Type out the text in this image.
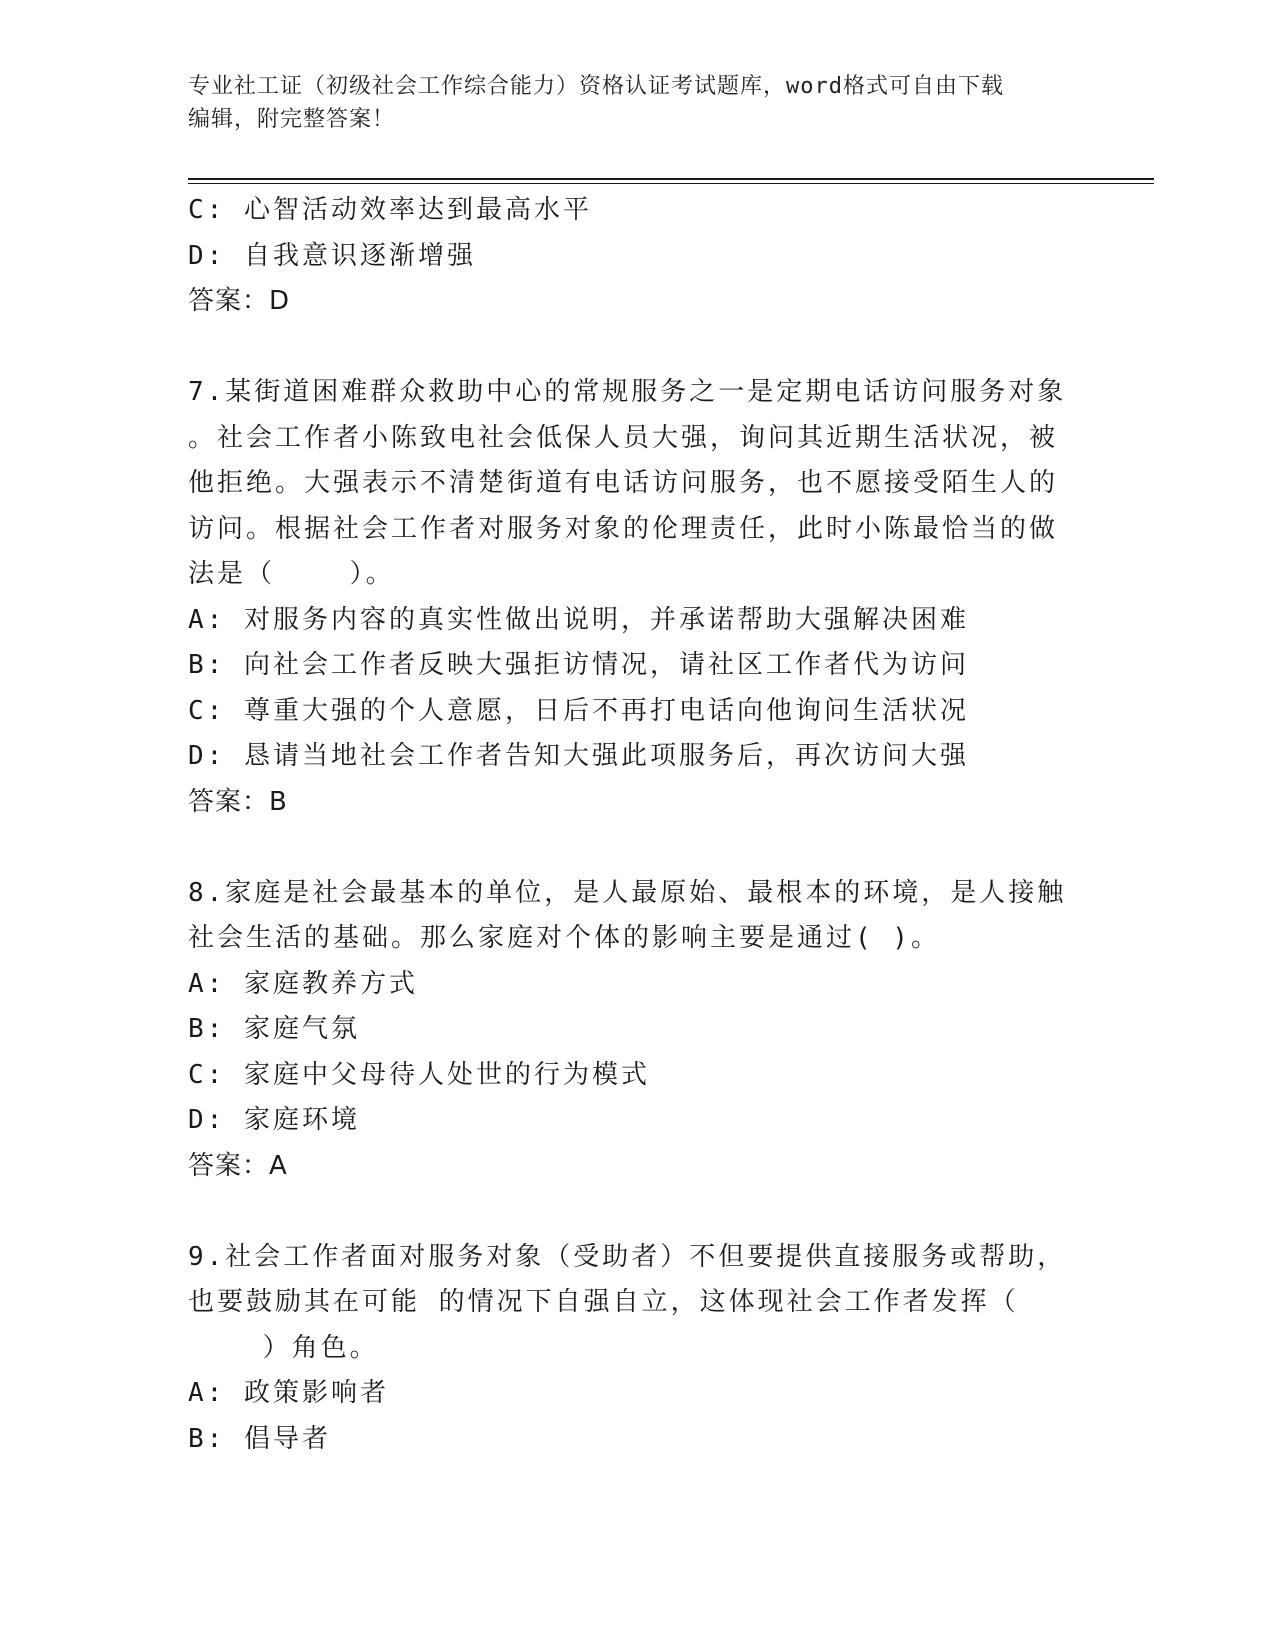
专业社工证（初级社会工作综合能力）资格认证考试题库，word格式可自由下载
编辑，附完整答案！
C: 心智活动效率达到最高水平
D: 自我意识逐渐增强
答案：D
7.某街道困难群众救助中心的常规服务之一是定期电话访问服务对象
。社会工作者小陈致电社会低保人员大强，询问其近期生活状况，被
他拒绝。大强表示不清楚街道有电话访问服务，也不愿接受陌生人的
访问。根据社会工作者对服务对象的伦理责任，此时小陈最恰当的做
法是（    ）。
A: 对服务内容的真实性做出说明，并承诺帮助大强解决困难
B: 向社会工作者反映大强拒访情况，请社区工作者代为访问
C: 尊重大强的个人意愿，日后不再打电话向他询问生活状况
D: 恳请当地社会工作者告知大强此项服务后，再次访问大强
答案：B
8.家庭是社会最基本的单位，是人最原始、最根本的环境，是人接触
社会生活的基础。那么家庭对个体的影响主要是通过( )。
A: 家庭教养方式
B: 家庭气氛
C: 家庭中父母待人处世的行为模式
D: 家庭环境
答案：A
9.社会工作者面对服务对象（受助者）不但要提供直接服务或帮助，
也要鼓励其在可能 的情况下自强自立，这体现社会工作者发挥（
）角色。
A: 政策影响者
B: 倡导者
